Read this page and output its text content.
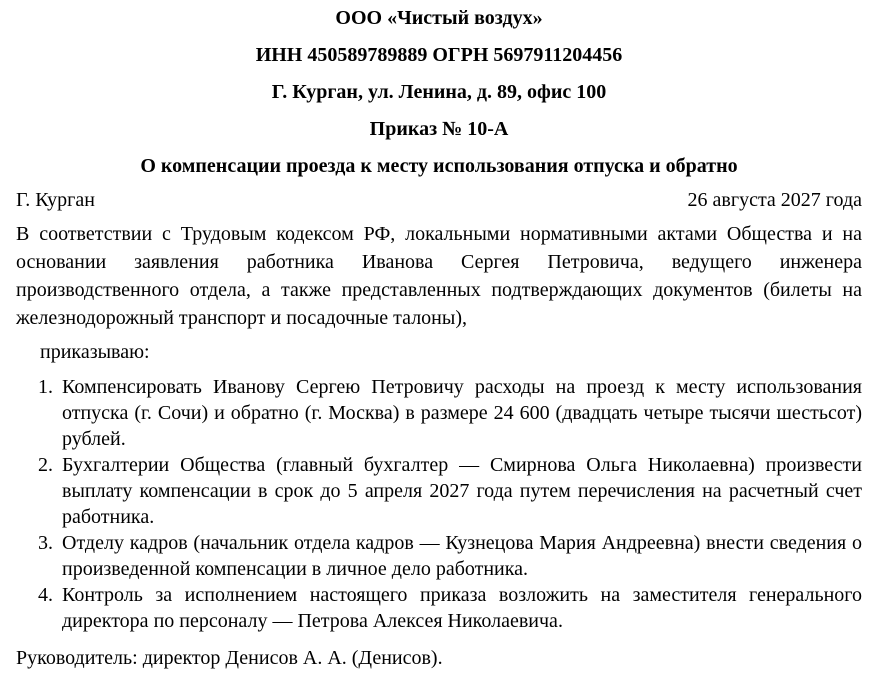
ООО «Чистый воздух»

ИНН 450589789889 ОГРН 5697911204456

Г. Курган, ул. Ленина, д. 89, офис 100

Приказ № 10-А

О компенсации проезда к месту использования отпуска и обратно

Г. Курган	26 августа 2027 года

В соответствии с Трудовым кодексом РФ, локальными нормативными актами Общества и на основании заявления работника Иванова Сергея Петровича, ведущего инженера производственного отдела, а также представленных подтверждающих документов (билеты на железнодорожный транспорт и посадочные талоны),

приказываю:

1. Компенсировать Иванову Сергею Петровичу расходы на проезд к месту использования отпуска (г. Сочи) и обратно (г. Москва) в размере 24 600 (двадцать четыре тысячи шестьсот) рублей.
2. Бухгалтерии Общества (главный бухгалтер — Смирнова Ольга Николаевна) произвести выплату компенсации в срок до 5 апреля 2027 года путем перечисления на расчетный счет работника.
3. Отделу кадров (начальник отдела кадров — Кузнецова Мария Андреевна) внести сведения о произведенной компенсации в личное дело работника.
4. Контроль за исполнением настоящего приказа возложить на заместителя генерального директора по персоналу — Петрова Алексея Николаевича.

Руководитель: директор Денисов А. А. (Денисов).
